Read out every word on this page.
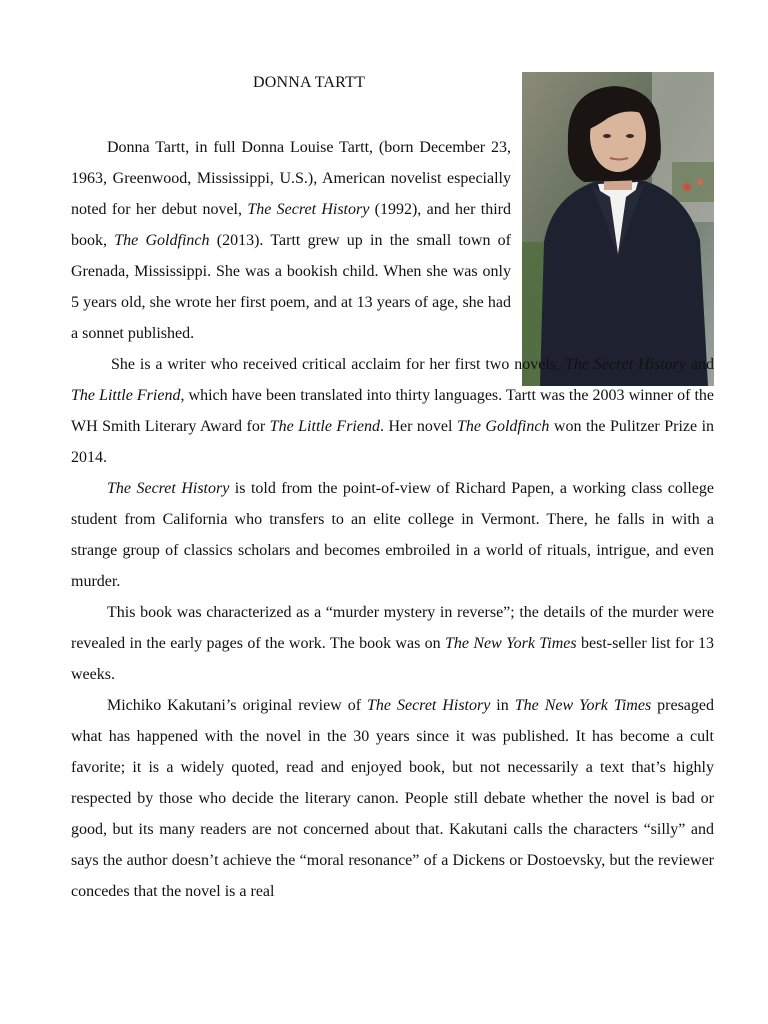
DONNA TARTT

Donna Tartt, in full Donna Louise Tartt, (born December 23, 1963, Greenwood, Mississippi, U.S.), American novelist especially noted for her debut novel, The Secret History (1992), and her third book, The Goldfinch (2013). Tartt grew up in the small town of Grenada, Mississippi. She was a bookish child. When she was only 5 years old, she wrote her first poem, and at 13 years of age, she had a sonnet published.

She is a writer who received critical acclaim for her first two novels, The Secret History and The Little Friend, which have been translated into thirty languages. Tartt was the 2003 winner of the WH Smith Literary Award for The Little Friend. Her novel The Goldfinch won the Pulitzer Prize in 2014.

The Secret History is told from the point-of-view of Richard Papen, a working class college student from California who transfers to an elite college in Vermont. There, he falls in with a strange group of classics scholars and becomes embroiled in a world of rituals, intrigue, and even murder.

This book was characterized as a “murder mystery in reverse”; the details of the murder were revealed in the early pages of the work. The book was on The New York Times best-seller list for 13 weeks.

Michiko Kakutani’s original review of The Secret History in The New York Times presaged what has happened with the novel in the 30 years since it was published. It has become a cult favorite; it is a widely quoted, read and enjoyed book, but not necessarily a text that’s highly respected by those who decide the literary canon. People still debate whether the novel is bad or good, but its many readers are not concerned about that. Kakutani calls the characters “silly” and says the author doesn’t achieve the “moral resonance” of a Dickens or Dostoevsky, but the reviewer concedes that the novel is a real
